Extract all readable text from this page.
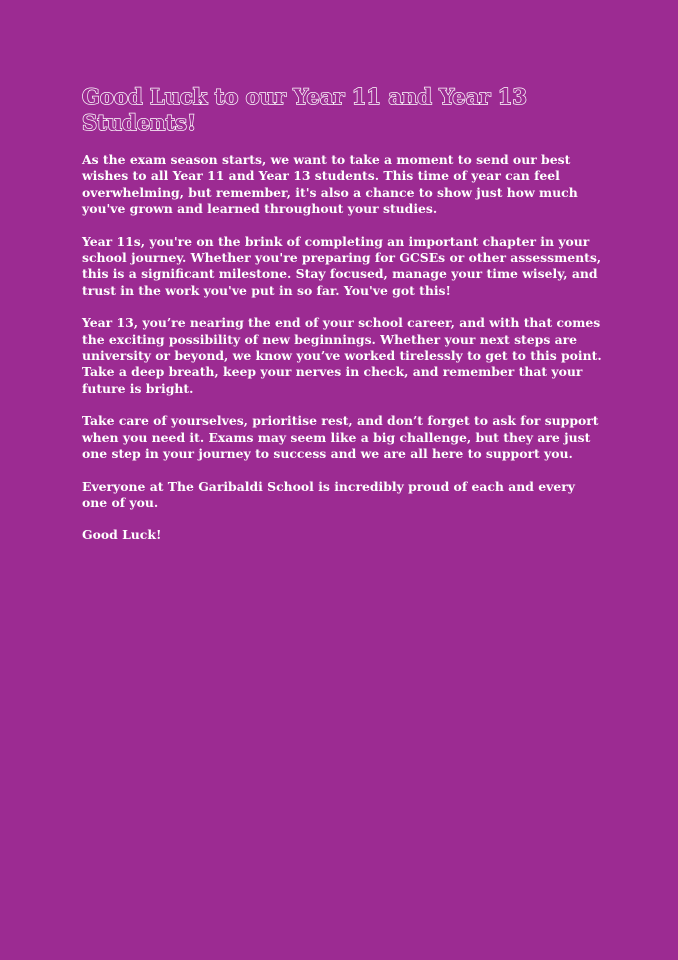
Good Luck to our Year 11 and Year 13 Students!

As the exam season starts, we want to take a moment to send our best wishes to all Year 11 and Year 13 students. This time of year can feel overwhelming, but remember, it's also a chance to show just how much you've grown and learned throughout your studies.

Year 11s, you're on the brink of completing an important chapter in your school journey. Whether you're preparing for GCSEs or other assessments, this is a significant milestone. Stay focused, manage your time wisely, and trust in the work you've put in so far. You've got this!

Year 13, you’re nearing the end of your school career, and with that comes the exciting possibility of new beginnings. Whether your next steps are university or beyond, we know you’ve worked tirelessly to get to this point. Take a deep breath, keep your nerves in check, and remember that your future is bright.

Take care of yourselves, prioritise rest, and don’t forget to ask for support when you need it. Exams may seem like a big challenge, but they are just one step in your journey to success and we are all here to support you.

Everyone at The Garibaldi School is incredibly proud of each and every one of you.

Good Luck!
